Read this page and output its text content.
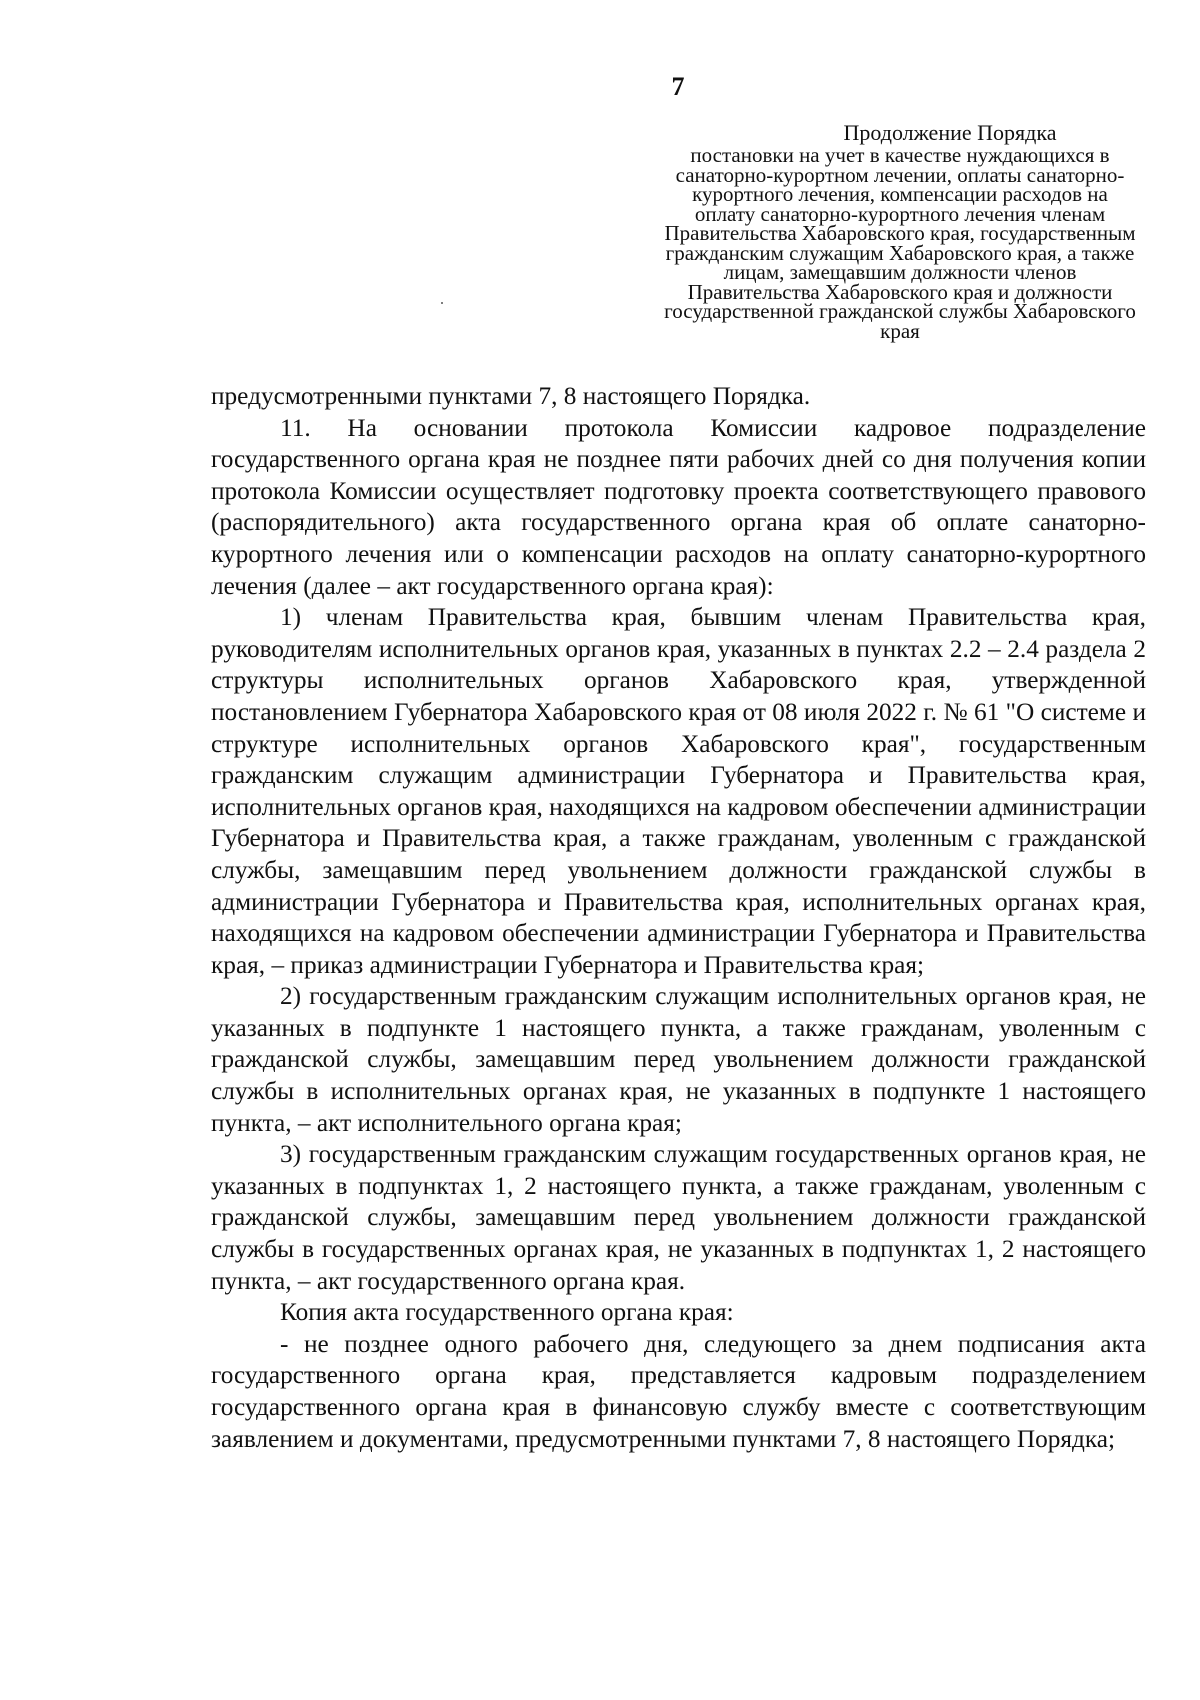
7
Продолжение Порядка
постановки на учет в качестве нуждающихся в санаторно-курортном лечении, оплаты санаторно-курортного лечения, компенсации расходов на оплату санаторно-курортного лечения членам Правительства Хабаровского края, государственным гражданским служащим Хабаровского края, а также лицам, замещавшим должности членов Правительства Хабаровского края и должности государственной гражданской службы Хабаровского края

предусмотренными пунктами 7, 8 настоящего Порядка.

11. На основании протокола Комиссии кадровое подразделение государственного органа края не позднее пяти рабочих дней со дня получения копии протокола Комиссии осуществляет подготовку проекта соответствующего правового (распорядительного) акта государственного органа края об оплате санаторно-курортного лечения или о компенсации расходов на оплату санаторно-курортного лечения (далее – акт государственного органа края):

1) членам Правительства края, бывшим членам Правительства края, руководителям исполнительных органов края, указанных в пунктах 2.2 – 2.4 раздела 2 структуры исполнительных органов Хабаровского края, утвержденной постановлением Губернатора Хабаровского края от 08 июля 2022 г. № 61 "О системе и структуре исполнительных органов Хабаровского края", государственным гражданским служащим администрации Губернатора и Правительства края, исполнительных органов края, находящихся на кадровом обеспечении администрации Губернатора и Правительства края, а также гражданам, уволенным с гражданской службы, замещавшим перед увольнением должности гражданской службы в администрации Губернатора и Правительства края, исполнительных органах края, находящихся на кадровом обеспечении администрации Губернатора и Правительства края, – приказ администрации Губернатора и Правительства края;

2) государственным гражданским служащим исполнительных органов края, не указанных в подпункте 1 настоящего пункта, а также гражданам, уволенным с гражданской службы, замещавшим перед увольнением должности гражданской службы в исполнительных органах края, не указанных в подпункте 1 настоящего пункта, – акт исполнительного органа края;

3) государственным гражданским служащим государственных органов края, не указанных в подпунктах 1, 2 настоящего пункта, а также гражданам, уволенным с гражданской службы, замещавшим перед увольнением должности гражданской службы в государственных органах края, не указанных в подпунктах 1, 2 настоящего пункта, – акт государственного органа края.

Копия акта государственного органа края:

- не позднее одного рабочего дня, следующего за днем подписания акта государственного органа края, представляется кадровым подразделением государственного органа края в финансовую службу вместе с соответствующим заявлением и документами, предусмотренными пунктами 7, 8 настоящего Порядка;
